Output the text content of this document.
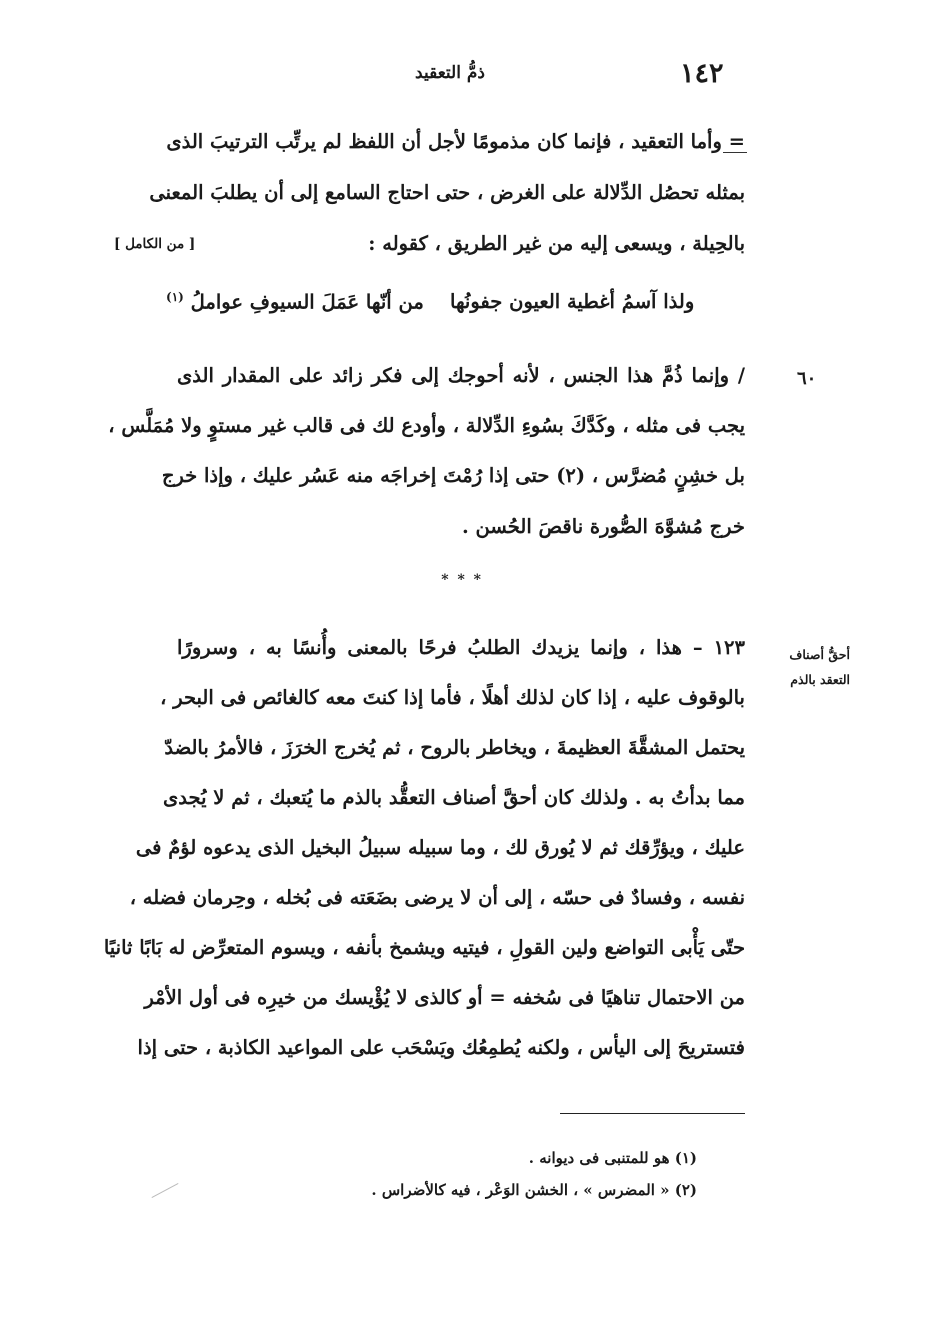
١٤٢
ذمُّ التعقيد
= وأما التعقيد ، فإنما كان مذمومًا لأجل أن اللفظ لم يرتِّب الترتيبَ الذى
بمثله تحصُل الدِّلالة على الغرض ، حتى احتاج السامع إلى أن يطلبَ المعنى
بالحِيلة ، ويسعى إليه من غير الطريق ، كقوله :
[ من الكامل ]
ولذا آسمُ أغطية العيون جفونُها
من أنّها عَمَلَ السيوفِ عواملُ $^{(١)}$
٦٠
/ وإنما ذُمَّ هذا الجنس ، لأنه أحوجك إلى فكر زائد على المقدار الذى
يجب فى مثله ، وكَدَّكَ بسُوءِ الدِّلالة ، وأودع لك فى قالب غير مستوٍ ولا مُمَلَّس ،
بل خشِنٍ مُضرَّس ، (٢) حتى إذا رُمْتَ إخراجَه منه عَسُر عليك ، وإذا خرج
خرج مُشوَّهَ الصُّورة ناقصَ الحُسن .
* * *
أحقُّ أصناف التعقد بالذم
١٢٣ – هذا ، وإنما يزيدك الطلبُ فرحًا بالمعنى وأُنسًا به ، وسرورًا
بالوقوف عليه ، إذا كان لذلك أهلًا ، فأما إذا كنتَ معه كالغائص فى البحر ،
يحتمل المشقَّةَ العظيمةَ ، ويخاطر بالروح ، ثم يُخرج الخرَزَ ، فالأمرُ بالضدّ
مما بدأتُ به . ولذلك كان أحقَّ أصناف التعقُّد بالذم ما يُتعبك ، ثم لا يُجدى
عليك ، ويؤرِّقك ثم لا يُورق لك ، وما سبيله سبيلُ البخيل الذى يدعوه لؤمٌ فى
نفسه ، وفسادٌ فى حسّه ، إلى أن لا يرضى بضَعَته فى بُخله ، وحِرمان فضله ،
حتّى يَأْبى التواضع ولين القولِ ، فيتيه ويشمخ بأنفه ، ويسوم المتعرِّض له بَابًا ثانيًا
من الاحتمال تناهيًا فى سُخفه = أو كالذى لا يُؤْيسك من خيرِه فى أول الأمْر
فتستريحَ إلى اليأس ، ولكنه يُطمِعُك ويَسْحَب على المواعيد الكاذبة ، حتى إذا
(١) هو للمتنبى فى ديوانه .
(٢) « المضرس » ، الخشن الوَعْر ، فيه كالأضراس .
